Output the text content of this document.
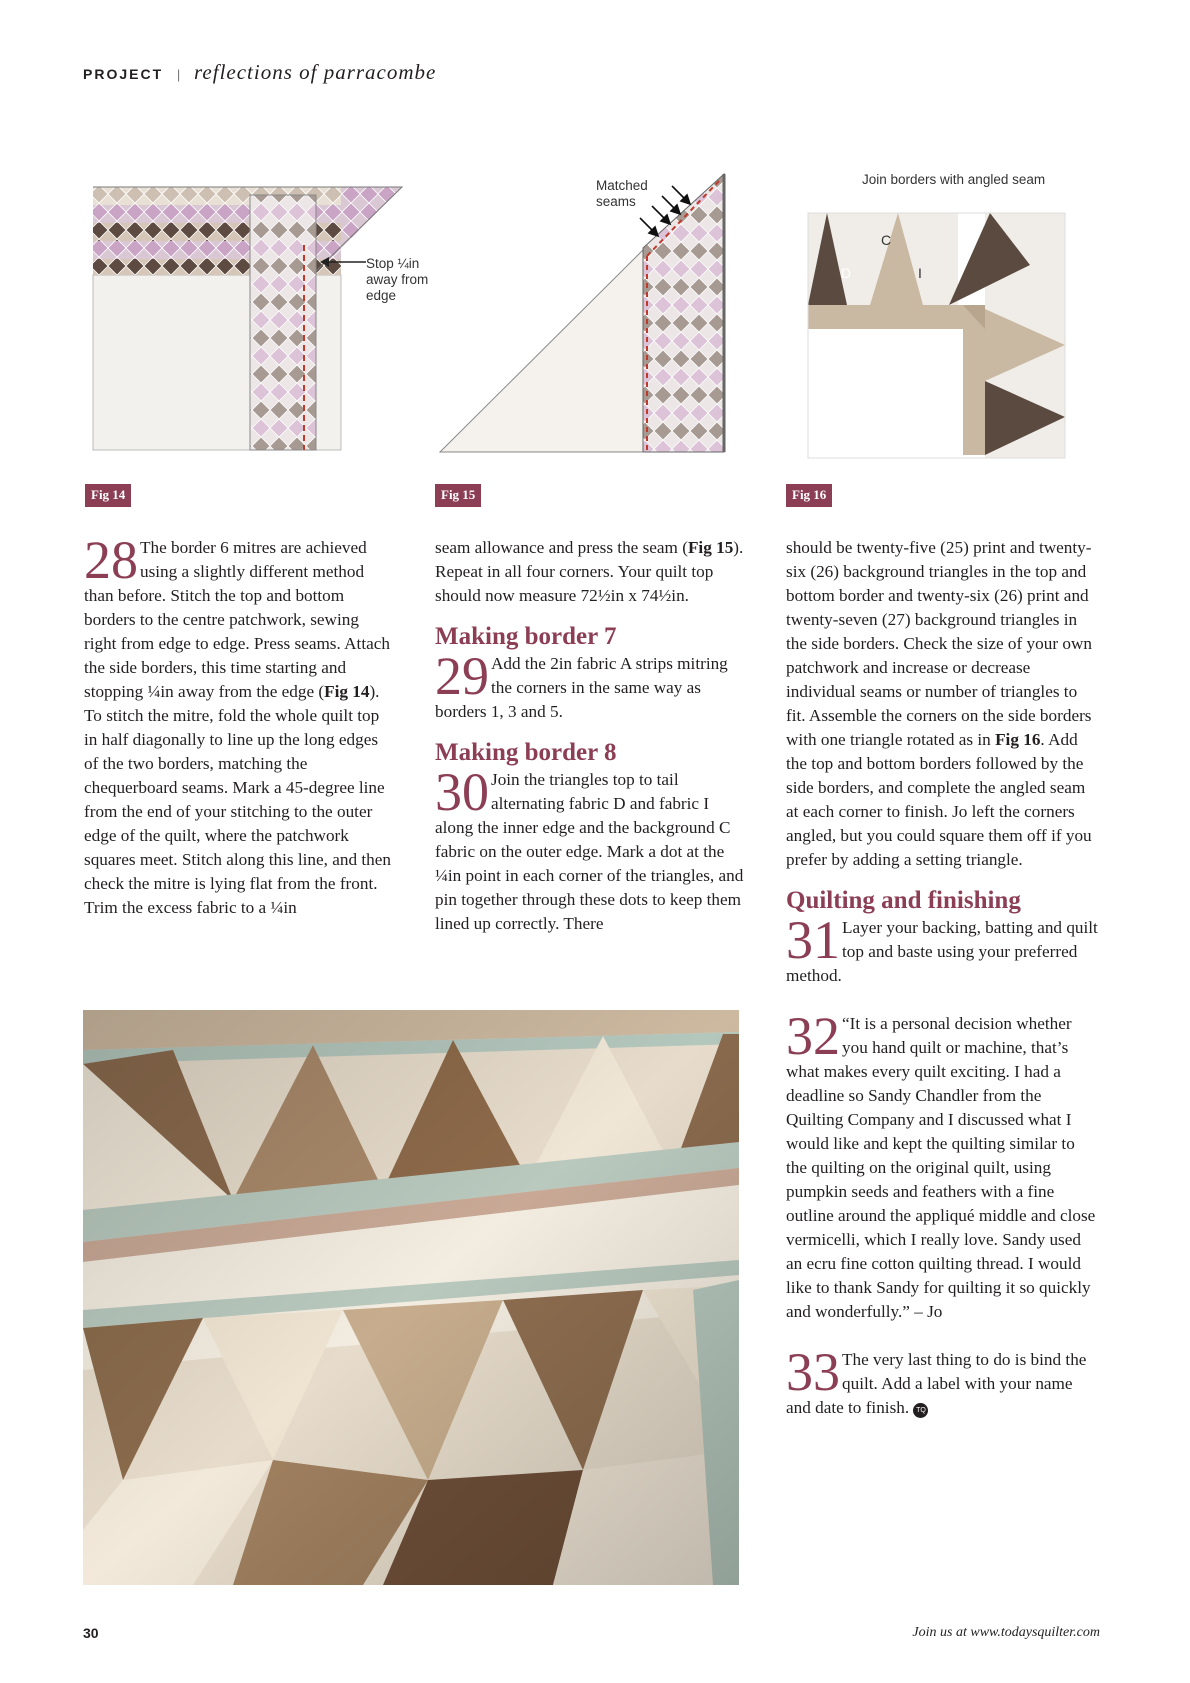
PROJECT | reflections of parracombe
Stop ¼in
away from
edge
Fig 14
Matched
seams
Fig 15
Join borders with angled seam
C
D	I
Fig 16

28 The border 6 mitres are achieved using a slightly different method than before. Stitch the top and bottom borders to the centre patchwork, sewing right from edge to edge. Press seams. Attach the side borders, this time starting and stopping ¼in away from the edge (Fig 14). To stitch the mitre, fold the whole quilt top in half diagonally to line up the long edges of the two borders, matching the chequerboard seams. Mark a 45-degree line from the end of your stitching to the outer edge of the quilt, where the patchwork squares meet. Stitch along this line, and then check the mitre is lying flat from the front. Trim the excess fabric to a ¼in

seam allowance and press the seam (Fig 15). Repeat in all four corners. Your quilt top should now measure 72½in x 74½in.

Making border 7

29 Add the 2in fabric A strips mitring the corners in the same way as borders 1, 3 and 5.

Making border 8

30 Join the triangles top to tail alternating fabric D and fabric I along the inner edge and the background C fabric on the outer edge. Mark a dot at the ¼in point in each corner of the triangles, and pin together through these dots to keep them lined up correctly. There

should be twenty-five (25) print and twenty-six (26) background triangles in the top and bottom border and twenty-six (26) print and twenty-seven (27) background triangles in the side borders. Check the size of your own patchwork and increase or decrease individual seams or number of triangles to fit. Assemble the corners on the side borders with one triangle rotated as in Fig 16. Add the top and bottom borders followed by the side borders, and complete the angled seam at each corner to finish. Jo left the corners angled, but you could square them off if you prefer by adding a setting triangle.

Quilting and finishing

31 Layer your backing, batting and quilt top and baste using your preferred method.

32 “It is a personal decision whether you hand quilt or machine, that’s what makes every quilt exciting. I had a deadline so Sandy Chandler from the Quilting Company and I discussed what I would like and kept the quilting similar to the quilting on the original quilt, using pumpkin seeds and feathers with a fine outline around the appliqué middle and close vermicelli, which I really love. Sandy used an ecru fine cotton quilting thread. I would like to thank Sandy for quilting it so quickly and wonderfully.” – Jo

33 The very last thing to do is bind the quilt. Add a label with your name and date to finish. TQ

30	Join us at www.todaysquilter.com
